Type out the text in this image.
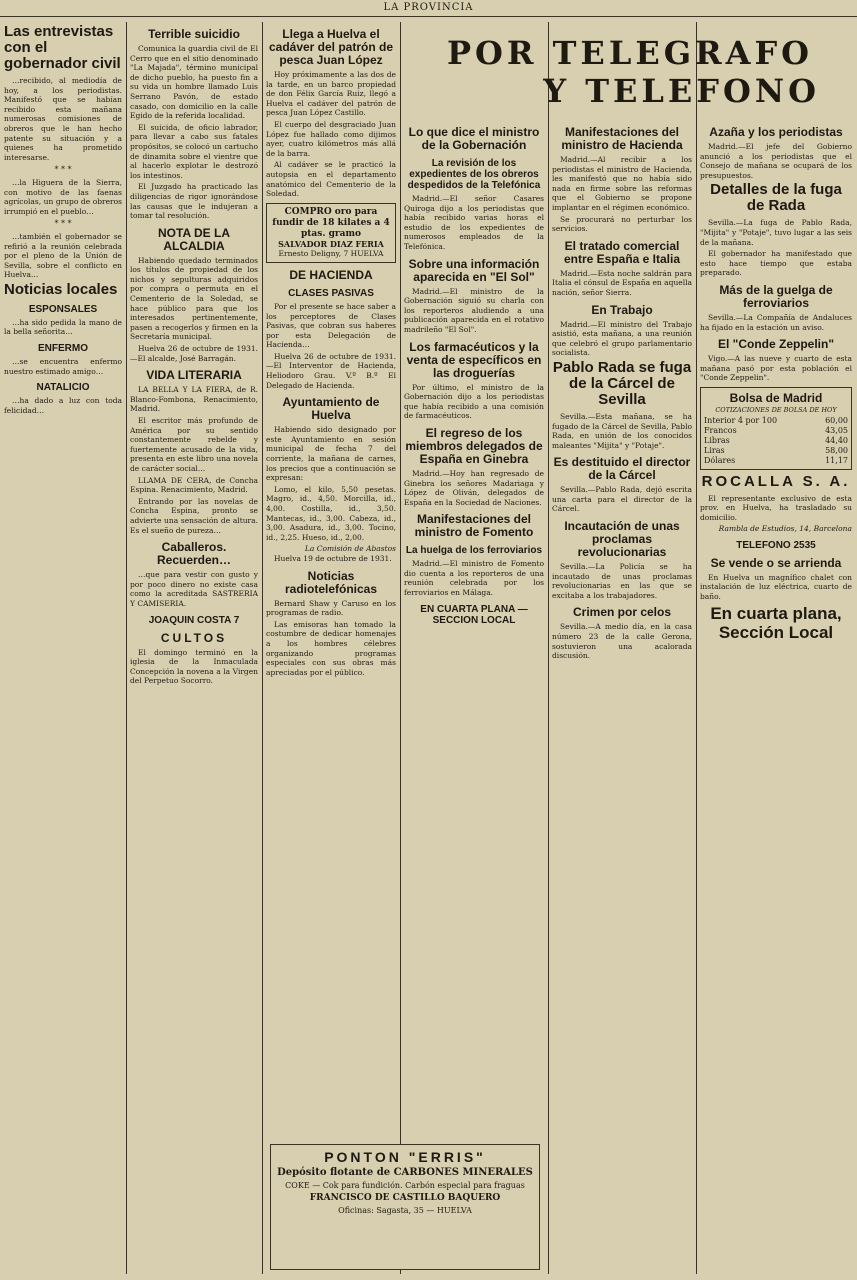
LA PROVINCIA
POR TELEGRAFO
Y TELEFONO
Las entrevistas con el gobernador civil

…recibido, al mediodía de hoy, a los periodistas. Manifestó que se habían recibido esta mañana numerosas comisiones de obreros que le han hecho patente su situación y a quienes ha prometido interesarse.

* * *

…la Higuera de la Sierra, con motivo de las faenas agrícolas, un grupo de obreros irrumpió en el pueblo…

* * *

…también el gobernador se refirió a la reunión celebrada por el pleno de la Unión de Sevilla, sobre el conflicto en Huelva…

Noticias locales
ESPONSALES

…ha sido pedida la mano de la bella señorita…

ENFERMO

…se encuentra enfermo nuestro estimado amigo…

NATALICIO

…ha dado a luz con toda felicidad…

Terrible suicidio

Comunica la guardia civil de El Cerro que en el sitio denominado "La Majada", término municipal de dicho pueblo, ha puesto fin a su vida un hombre llamado Luis Serrano Pavón, de estado casado, con domicilio en la calle Egido de la referida localidad.

El suicida, de oficio labrador, para llevar a cabo sus fatales propósitos, se colocó un cartucho de dinamita sobre el vientre que al hacerlo explotar le destrozó los intestinos.

El Juzgado ha practicado las diligencias de rigor ignorándose las causas que le indujeran a tomar tal resolución.

NOTA DE LA ALCALDIA

Habiendo quedado terminados los títulos de propiedad de los nichos y sepulturas adquiridos por compra o permuta en el Cementerio de la Soledad, se hace público para que los interesados pertinentemente, pasen a recogerlos y firmen en la Secretaría municipal.

Huelva 26 de octubre de 1931.—El alcalde, José Barragán.

VIDA LITERARIA

LA BELLA Y LA FIERA, de R. Blanco-Fombona, Renacimiento, Madrid.

El escritor más profundo de América por su sentido constantemente rebelde y fuertemente acusado de la vida, presenta en este libro una novela de carácter social…

LLAMA DE CERA, de Concha Espina. Renacimiento, Madrid.

Entrando por las novelas de Concha Espina, pronto se advierte una sensación de altura. Es el sueño de pureza…

Caballeros. Recuerden…

…que para vestir con gusto y por poco dinero no existe casa como la acreditada SASTRERIA Y CAMISERIA.

JOAQUIN COSTA 7
CULTOS

El domingo terminó en la iglesia de la Inmaculada Concepción la novena a la Virgen del Perpetuo Socorro.

Llega a Huelva el cadáver del patrón de pesca Juan López

Hoy próximamente a las dos de la tarde, en un barco propiedad de don Félix García Ruiz, llegó a Huelva el cadáver del patrón de pesca Juan López Castillo.

El cuerpo del desgraciado Juan López fue hallado como dijimos ayer, cuatro kilómetros más allá de la barra.

Al cadáver se le practicó la autopsia en el departamento anatómico del Cementerio de la Soledad.

COMPRO oro para fundir de 18 kilates a 4 ptas. gramo
SALVADOR DIAZ FERIA
Ernesto Deligny, 7 HUELVA
DE HACIENDA
CLASES PASIVAS

Por el presente se hace saber a los perceptores de Clases Pasivas, que cobran sus haberes por esta Delegación de Hacienda…

Huelva 26 de octubre de 1931.—El Interventor de Hacienda, Heliodoro Grau. V.º B.º El Delegado de Hacienda.

Ayuntamiento de Huelva

Habiendo sido designado por este Ayuntamiento en sesión municipal de fecha 7 del corriente, la mañana de carnes, los precios que a continuación se expresan:

Lomo, el kilo, 5,50 pesetas. Magro, id., 4,50. Morcilla, id., 4,00. Costilla, id., 3,50. Mantecas, id., 3,00. Cabeza, id., 3,00. Asadura, id., 3,00. Tocino, id., 2,25. Hueso, id., 2,00.

La Comisión de Abastos

Huelva 19 de octubre de 1931.

Noticias radiotelefónicas

Bernard Shaw y Caruso en los programas de radio.

Las emisoras han tomado la costumbre de dedicar homenajes a los hombres célebres organizando programas especiales con sus obras más apreciadas por el público.

PONTON "ERRIS"
Depósito flotante de CARBONES MINERALES
COKE — Cok para fundición. Carbón especial para fraguas
FRANCISCO DE CASTILLO BAQUERO
Oficinas: Sagasta, 35 — HUELVA
Lo que dice el ministro de la Gobernación
La revisión de los expedientes de los obreros despedidos de la Telefónica

Madrid.—El señor Casares Quiroga dijo a los periodistas que había recibido varias horas el estudio de los expedientes de numerosos empleados de la Telefónica.

Sobre una información aparecida en "El Sol"

Madrid.—El ministro de la Gobernación siguió su charla con los reporteros aludiendo a una publicación aparecida en el rotativo madrileño "El Sol".

Los farmacéuticos y la venta de específicos en las droguerías

Por último, el ministro de la Gobernación dijo a los periodistas que había recibido a una comisión de farmacéuticos.

El regreso de los miembros delegados de España en Ginebra

Madrid.—Hoy han regresado de Ginebra los señores Madariaga y López de Oliván, delegados de España en la Sociedad de Naciones.

Manifestaciones del ministro de Fomento
La huelga de los ferroviarios

Madrid.—El ministro de Fomento dio cuenta a los reporteros de una reunión celebrada por los ferroviarios en Málaga.

EN CUARTA PLANA — SECCION LOCAL
Manifestaciones del ministro de Hacienda

Madrid.—Al recibir a los periodistas el ministro de Hacienda, les manifestó que no había sido nada en firme sobre las reformas que el Gobierno se propone implantar en el régimen económico.

Se procurará no perturbar los servicios.

El tratado comercial entre España e Italia

Madrid.—Esta noche saldrán para Italia el cónsul de España en aquella nación, señor Sierra.

En Trabajo

Madrid.—El ministro del Trabajo asistió, esta mañana, a una reunión que celebró el grupo parlamentario socialista.

Pablo Rada se fuga de la Cárcel de Sevilla

Sevilla.—Esta mañana, se ha fugado de la Cárcel de Sevilla, Pablo Rada, en unión de los conocidos maleantes "Mijita" y "Potaje".

Es destituido el director de la Cárcel

Sevilla.—Pablo Rada, dejó escrita una carta para el director de la Cárcel.

Incautación de unas proclamas revolucionarias

Sevilla.—La Policía se ha incautado de unas proclamas revolucionarias en las que se excitaba a los trabajadores.

Crimen por celos

Sevilla.—A medio día, en la casa número 23 de la calle Gerona, sostuvieron una acalorada discusión.

Azaña y los periodistas

Madrid.—El jefe del Gobierno anunció a los periodistas que el Consejo de mañana se ocupará de los presupuestos.

Detalles de la fuga de Rada

Sevilla.—La fuga de Pablo Rada, "Mijita" y "Potaje", tuvo lugar a las seis de la mañana.

El gobernador ha manifestado que esto hace tiempo que estaba preparado.

Más de la guelga de ferroviarios

Sevilla.—La Compañía de Andaluces ha fijado en la estación un aviso.

El "Conde Zeppelin"

Vigo.—A las nueve y cuarto de esta mañana pasó por esta población el "Conde Zeppelin".

Bolsa de Madrid
COTIZACIONES DE BOLSA DE HOY
Interior 4 por 100	60,00
Francos	43,05
Libras	44,40
Liras	58,00
Dólares	11,17
ROCALLA S. A.

El representante exclusivo de esta prov. en Huelva, ha trasladado su domicilio.

Rambla de Estudios, 14, Barcelona
TELEFONO 2535
Se vende o se arrienda

En Huelva un magnífico chalet con instalación de luz eléctrica, cuarto de baño.

En cuarta plana, Sección Local
